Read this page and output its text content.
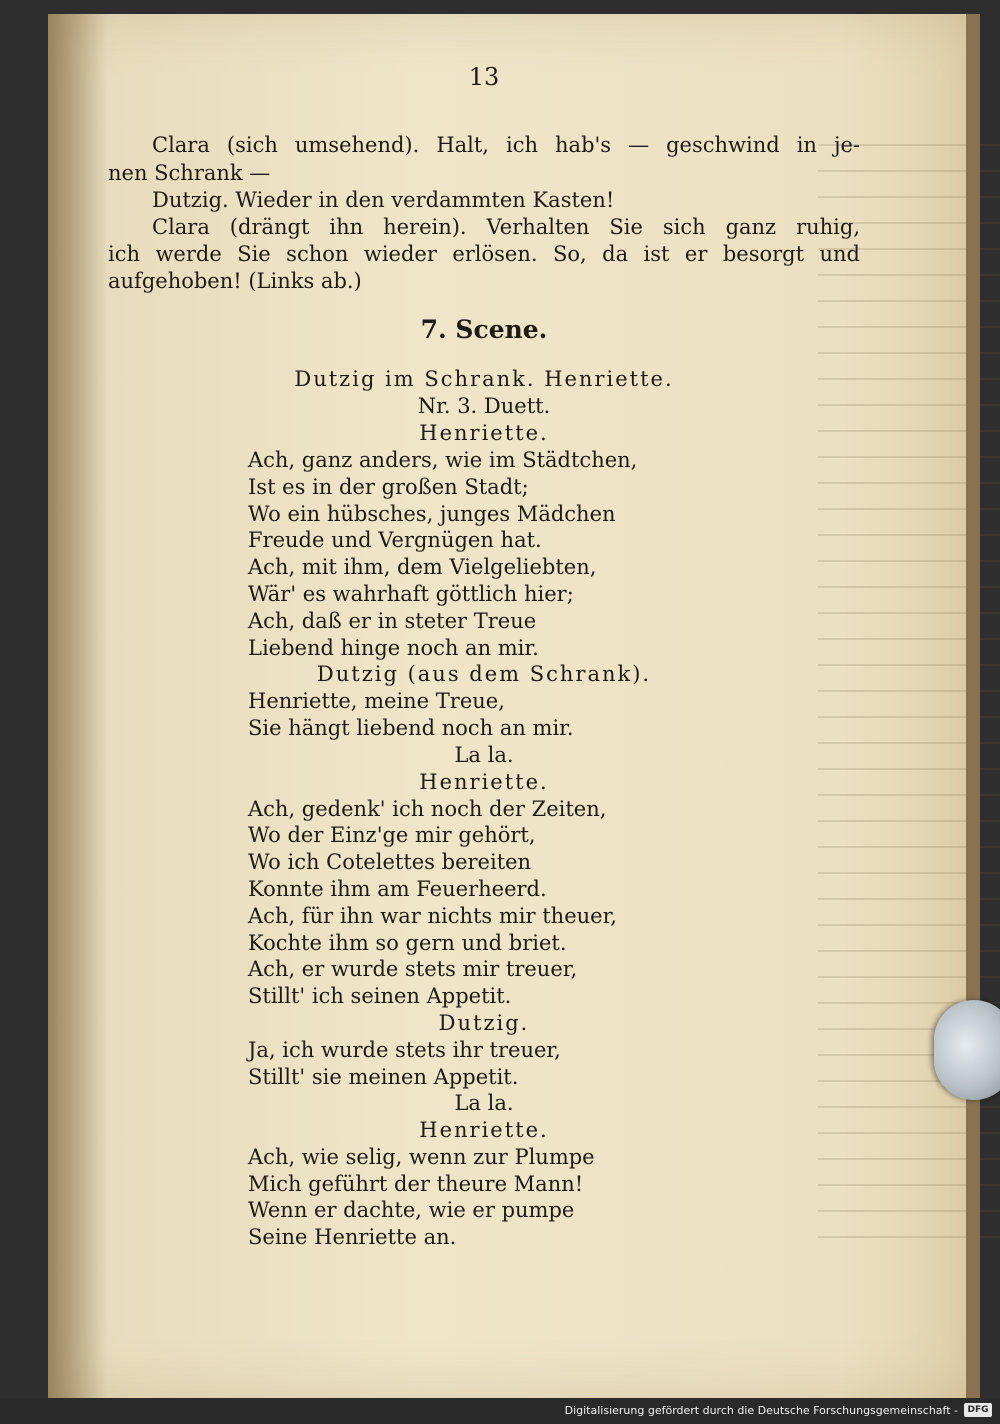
13
Clara (sich umsehend). Halt, ich hab's — geschwind in je-
nen Schrank —
Dutzig. Wieder in den verdammten Kasten!
Clara (drängt ihn herein). Verhalten Sie sich ganz ruhig,
ich werde Sie schon wieder erlösen. So, da ist er besorgt und
aufgehoben! (Links ab.)
7. Scene.
Dutzig im Schrank. Henriette.
Nr. 3. Duett.
Henriette.
Ach, ganz anders, wie im Städtchen,
Ist es in der großen Stadt;
Wo ein hübsches, junges Mädchen
Freude und Vergnügen hat.
Ach, mit ihm, dem Vielgeliebten,
Wär' es wahrhaft göttlich hier;
Ach, daß er in steter Treue
Liebend hinge noch an mir.
Dutzig (aus dem Schrank).
Henriette, meine Treue,
Sie hängt liebend noch an mir.
La la.
Henriette.
Ach, gedenk' ich noch der Zeiten,
Wo der Einz'ge mir gehört,
Wo ich Cotelettes bereiten
Konnte ihm am Feuerheerd.
Ach, für ihn war nichts mir theuer,
Kochte ihm so gern und briet.
Ach, er wurde stets mir treuer,
Stillt' ich seinen Appetit.
Dutzig.
Ja, ich wurde stets ihr treuer,
Stillt' sie meinen Appetit.
La la.
Henriette.
Ach, wie selig, wenn zur Plumpe
Mich geführt der theure Mann!
Wenn er dachte, wie er pumpe
Seine Henriette an.
Digitalisierung gefördert durch die Deutsche Forschungsgemeinschaft -	DFG
